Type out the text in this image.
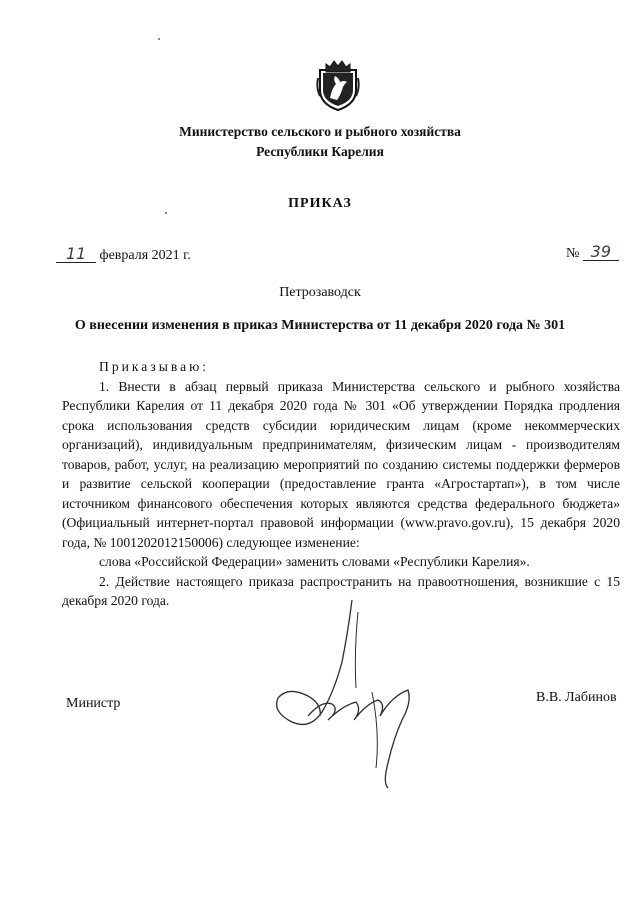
Министерство сельского и рыбного хозяйства
Республики Карелия
ПРИКАЗ
11 февраля 2021 г.	№ 39
Петрозаводск
О внесении изменения в приказ Министерства от 11 декабря 2020 года № 301

Приказываю:

1. Внести в абзац первый приказа Министерства сельского и рыбного хозяйства Республики Карелия от 11 декабря 2020 года № 301 «Об утверждении Порядка продления срока использования средств субсидии юридическим лицам (кроме некоммерческих организаций), индивидуальным предпринимателям, физическим лицам - производителям товаров, работ, услуг, на реализацию мероприятий по созданию системы поддержки фермеров и развитие сельской кооперации (предоставление гранта «Агростартап»), в том числе источником финансового обеспечения которых являются средства федерального бюджета» (Официальный интернет-портал правовой информации (www.pravo.gov.ru), 15 декабря 2020 года, № 1001202012150006) следующее изменение:

слова «Российской Федерации» заменить словами «Республики Карелия».

2. Действие настоящего приказа распространить на правоотношения, возникшие с 15 декабря 2020 года.

Министр	В.В. Лабинов
